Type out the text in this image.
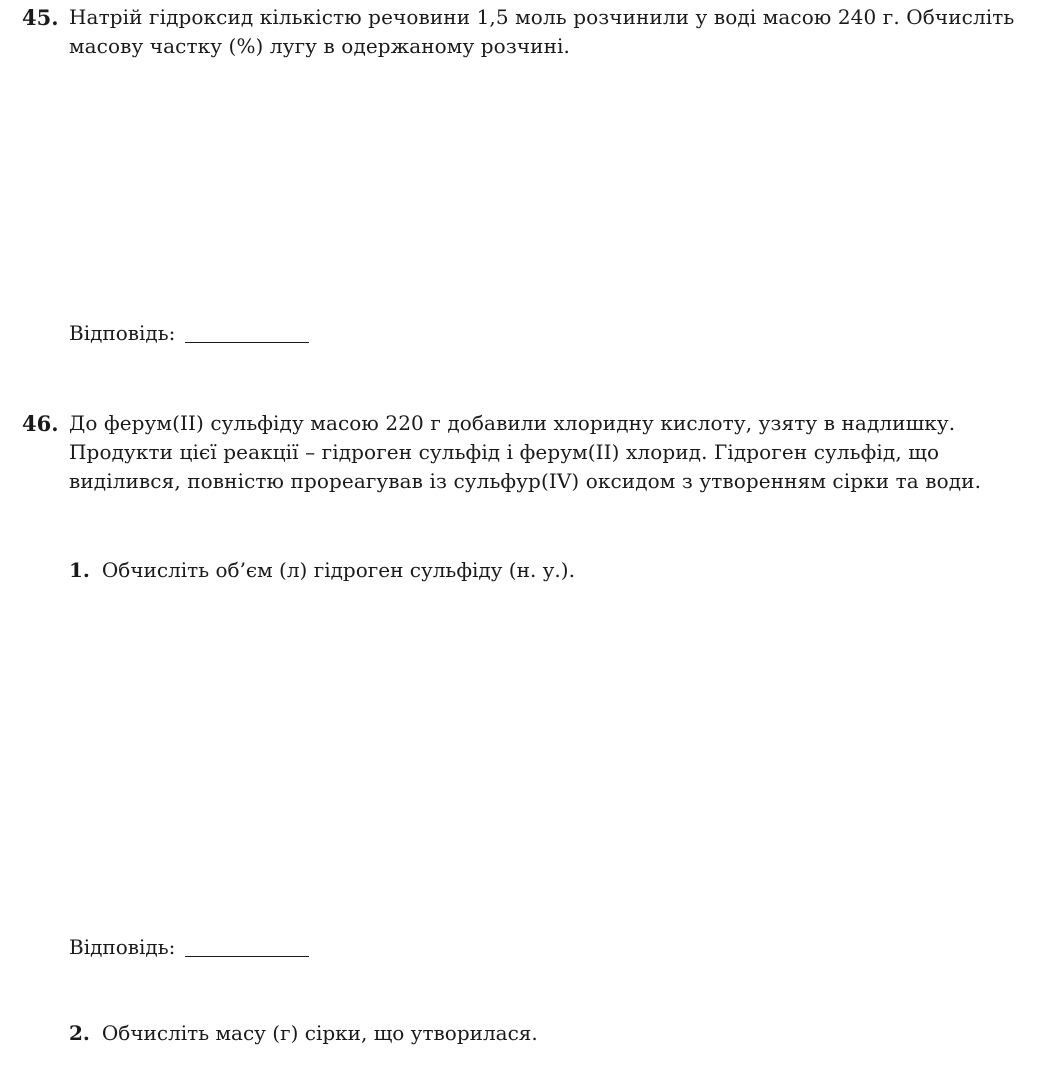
45. Натрій гідроксид кількістю речовини 1,5 моль розчинили у воді масою 240 г. Обчисліть масову частку (%) лугу в одержаному розчині.
Відповідь:
46. До ферум(II) сульфіду масою 220 г добавили хлоридну кислоту, узяту в надлишку. Продукти цієї реакції – гідроген сульфід і ферум(II) хлорид. Гідроген сульфід, що виділився, повністю прореагував із сульфур(IV) оксидом з утворенням сірки та води.
1. Обчисліть об’єм (л) гідроген сульфіду (н. у.).
Відповідь:
2. Обчисліть масу (г) сірки, що утворилася.
